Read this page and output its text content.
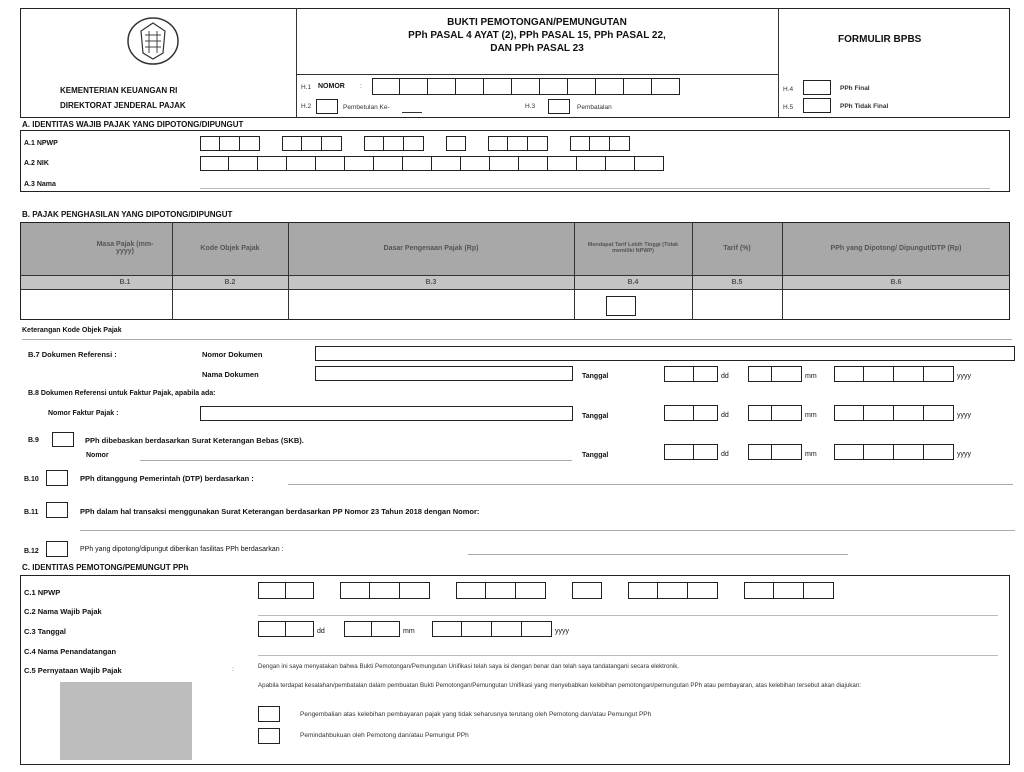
KEMENTERIAN KEUANGAN RI
DIREKTORAT JENDERAL PAJAK
BUKTI PEMOTONGAN/PEMUNGUTAN
PPh PASAL 4 AYAT (2), PPh PASAL 15, PPh PASAL 22,
DAN PPh PASAL 23
FORMULIR BPBS
H.1 NOMOR :
H.2	Pembetulan Ke-	H.3	Pembatalan
H.4	PPh Final
H.5	PPh Tidak Final
A. IDENTITAS WAJIB PAJAK YANG DIPOTONG/DIPUNGUT
A.1 NPWP
A.2 NIK
A.3 Nama
B. PAJAK PENGHASILAN YANG DIPOTONG/DIPUNGUT
Masa Pajak (mm-yyyy)	Kode Objek Pajak	Dasar Pengenaan Pajak (Rp)	Mendapat Tarif Lebih Tinggi (Tidak memiliki NPWP)	Tarif (%)	PPh yang Dipotong/ Dipungut/DTP (Rp)
B.1	B.2	B.3	B.4	B.5	B.6
Keterangan Kode Objek Pajak
B.7 Dokumen Referensi :	Nomor Dokumen
Nama Dokumen	Tanggal	dd	mm	yyyy
B.8 Dokumen Referensi untuk Faktur Pajak, apabila ada:
Nomor Faktur Pajak :	Tanggal	dd	mm	yyyy
B.9	PPh dibebaskan berdasarkan Surat Keterangan Bebas (SKB).
Nomor	Tanggal	dd	mm	yyyy
B.10	PPh ditanggung Pemerintah (DTP) berdasarkan :
B.11	PPh dalam hal transaksi menggunakan Surat Keterangan berdasarkan PP Nomor 23 Tahun 2018 dengan Nomor:
B.12	PPh yang dipotong/dipungut diberikan fasilitas PPh berdasarkan :
C. IDENTITAS PEMOTONG/PEMUNGUT PPh
C.1 NPWP
C.2 Nama Wajib Pajak
C.3 Tanggal	dd	mm	yyyy
C.4 Nama Penandatangan
C.5 Pernyataan Wajib Pajak	:	Dengan ini saya menyatakan bahwa Bukti Pemotongan/Pemungutan Unifikasi telah saya isi dengan benar dan telah saya tandatangani secara elektronik.
Apabila terdapat kesalahan/pembatalan dalam pembuatan Bukti Pemotongan/Pemungutan Unifikasi yang menyebabkan kelebihan pemotongan/pemungutan PPh atau pembayaran, atas kelebihan tersebut akan diajukan:
Pengembalian atas kelebihan pembayaran pajak yang tidak seharusnya terutang oleh Pemotong dan/atau Pemungut PPh
Pemindahbukuan oleh Pemotong dan/atau Pemungut PPh
